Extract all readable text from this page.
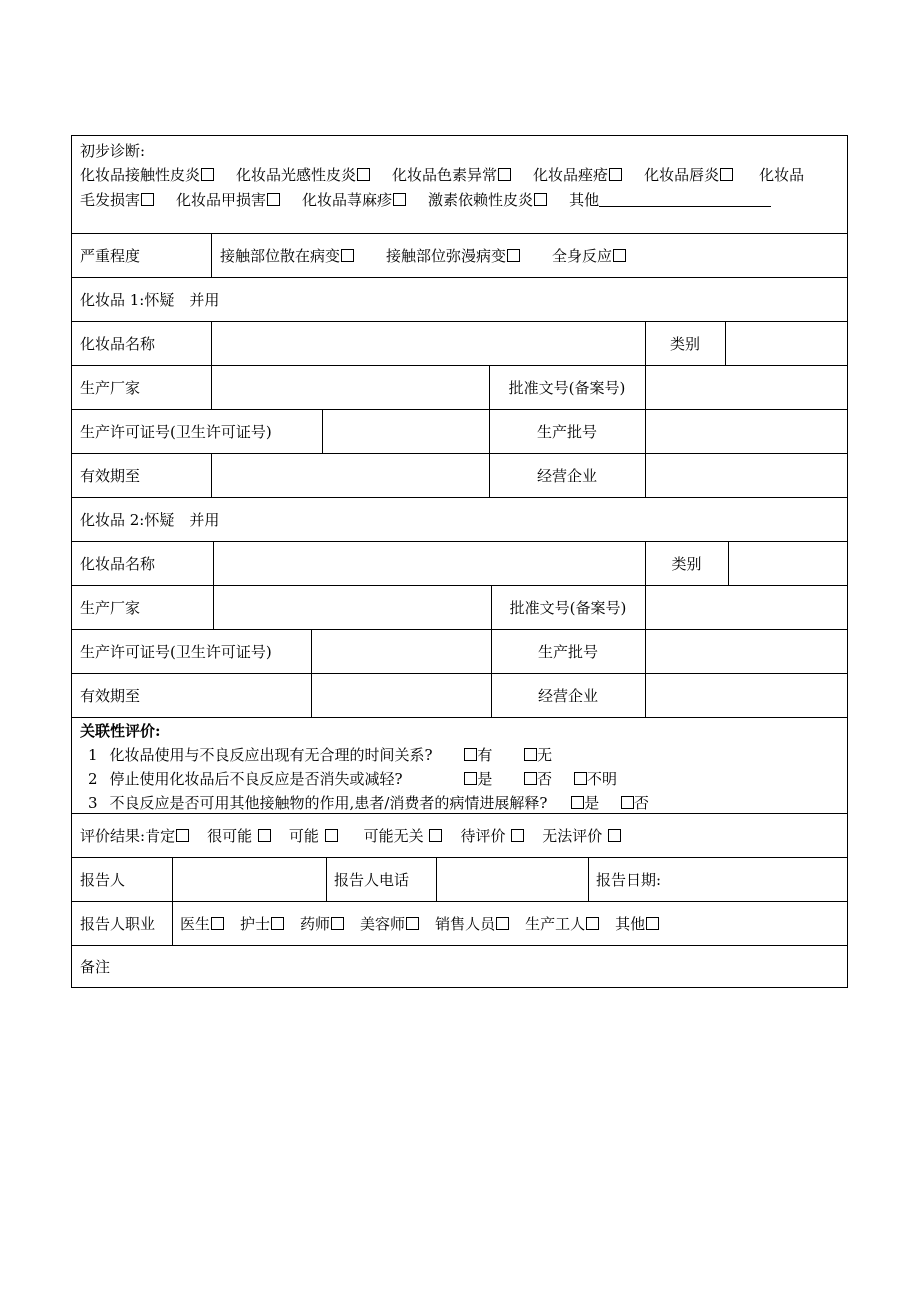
初步诊断:
化妆品接触性皮炎 化妆品光感性皮炎 化妆品色素异常 化妆品痤疮 化妆品唇炎	化妆品
毛发损害 化妆品甲损害 化妆品荨麻疹 激素依赖性皮炎 其他
严重程度	接触部位散在病变	接触部位弥漫病变	全身反应
化妆品 1:怀疑　并用
化妆品名称	类别
生产厂家	批准文号(备案号)
生产许可证号(卫生许可证号)	生产批号
有效期至	经营企业
化妆品 2:怀疑　并用
化妆品名称	类别
生产厂家	批准文号(备案号)
生产许可证号(卫生许可证号)	生产批号
有效期至	经营企业
关联性评价:
1 化妆品使用与不良反应出现有无合理的时间关系?	有	无
2 停止使用化妆品后不良反应是否消失或减轻?	是	否 不明
3 不良反应是否可用其他接触物的作用,患者/消费者的病情进展解释? 是 否
评价结果: 肯定	很可能	可能	可能无关	待评价	无法评价
报告人	报告人电话	报告日期:
报告人职业	医生	护士	药师	美容师	销售人员	生产工人	其他
备注
